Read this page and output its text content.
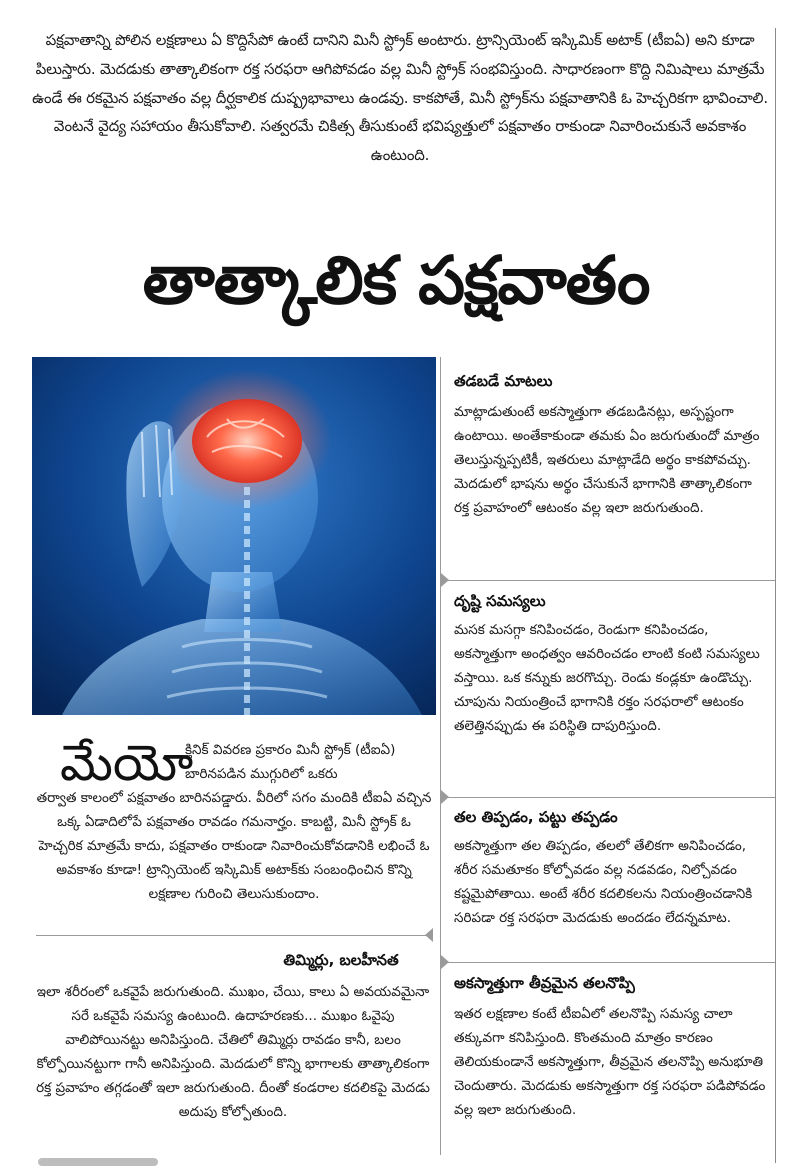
పక్షవాతాన్ని పోలిన లక్షణాలు ఏ కొద్దిసేపో ఉంటే దానిని మినీ స్ట్రోక్ అంటారు. ట్రాన్సియెంట్ ఇస్కిమిక్ అటాక్ (టీఐఏ) అని కూడా పిలుస్తారు. మెదడుకు తాత్కాలికంగా రక్త సరఫరా ఆగిపోవడం వల్ల మినీ స్ట్రోక్ సంభవిస్తుంది. సాధారణంగా కొద్ది నిమిషాలు మాత్రమే ఉండే ఈ రకమైన పక్షవాతం వల్ల దీర్ఘకాలిక దుష్ప్రభావాలు ఉండవు. కాకపోతే, మినీ స్ట్రోక్‌ను పక్షవాతానికి ఓ హెచ్చరికగా భావించాలి. వెంటనే వైద్య సహాయం తీసుకోవాలి. సత్వరమే చికిత్స తీసుకుంటే భవిష్యత్తులో పక్షవాతం రాకుండా నివారించుకునే అవకాశం ఉంటుంది.

తాత్కాలిక పక్షవాతం
మేయో
క్లినిక్ వివరణ ప్రకారం మినీ స్ట్రోక్ (టీఐఏ) బారినపడిన ముగ్గురిలో ఒకరు
తర్వాత కాలంలో పక్షవాతం బారినపడ్డారు. వీరిలో సగం మందికి టీఐఏ వచ్చిన ఒక్క ఏడాదిలోపే పక్షవాతం రావడం గమనార్హం. కాబట్టి, మినీ స్ట్రోక్ ఓ హెచ్చరిక మాత్రమే కాదు, పక్షవాతం రాకుండా నివారించుకోవడానికి లభించే ఓ అవకాశం కూడా! ట్రాన్సియెంట్ ఇస్కిమిక్ అటాక్‌కు సంబంధించిన కొన్ని లక్షణాల గురించి తెలుసుకుందాం.
తిమ్మిర్లు, బలహీనత
ఇలా శరీరంలో ఒకవైపే జరుగుతుంది. ముఖం, చేయి, కాలు ఏ అవయవమైనా సరే ఒకవైపే సమస్య ఉంటుంది. ఉదాహరణకు... ముఖం ఓవైపు వాలిపోయినట్టు అనిపిస్తుంది. చేతిలో తిమ్మిర్లు రావడం కానీ, బలం కోల్పోయినట్టుగా గానీ అనిపిస్తుంది. మెదడులో కొన్ని భాగాలకు తాత్కాలికంగా రక్త ప్రవాహం తగ్గడంతో ఇలా జరుగుతుంది. దీంతో కండరాల కదలికపై మెదడు అదుపు కోల్పోతుంది.
తడబడే మాటలు
మాట్లాడుతుంటే అకస్మాత్తుగా తడబడినట్లు, అస్పష్టంగా ఉంటాయి. అంతేకాకుండా తమకు ఏం జరుగుతుందో మాత్రం తెలుస్తున్నప్పటికీ, ఇతరులు మాట్లాడేది అర్థం కాకపోవచ్చు. మెదడులో భాషను అర్థం చేసుకునే భాగానికి తాత్కాలికంగా రక్త ప్రవాహంలో ఆటంకం వల్ల ఇలా జరుగుతుంది.
దృష్టి సమస్యలు
మసక మసగ్గా కనిపించడం, రెండుగా కనిపించడం, అకస్మాత్తుగా అంధత్వం ఆవరించడం లాంటి కంటి సమస్యలు వస్తాయి. ఒక కన్నుకు జరగొచ్చు. రెండు కండ్లకూ ఉండొచ్చు. చూపును నియంత్రించే భాగానికి రక్తం సరఫరాలో ఆటంకం తలెత్తినప్పుడు ఈ పరిస్థితి దాపురిస్తుంది.
తల తిప్పడం, పట్టు తప్పడం
అకస్మాత్తుగా తల తిప్పడం, తలలో తేలికగా అనిపించడం, శరీర సమతూకం కోల్పోవడం వల్ల నడవడం, నిల్చోవడం కష్టమైపోతాయి. అంటే శరీర కదలికలను నియంత్రించడానికి సరిపడా రక్త సరఫరా మెదడుకు అందడం లేదన్నమాట.
అకస్మాత్తుగా తీవ్రమైన తలనొప్పి
ఇతర లక్షణాల కంటే టీఐఏలో తలనొప్పి సమస్య చాలా తక్కువగా కనిపిస్తుంది. కొంతమంది మాత్రం కారణం తెలియకుండానే అకస్మాత్తుగా, తీవ్రమైన తలనొప్పి అనుభూతి చెందుతారు. మెదడుకు అకస్మాత్తుగా రక్త సరఫరా పడిపోవడం వల్ల ఇలా జరుగుతుంది.
